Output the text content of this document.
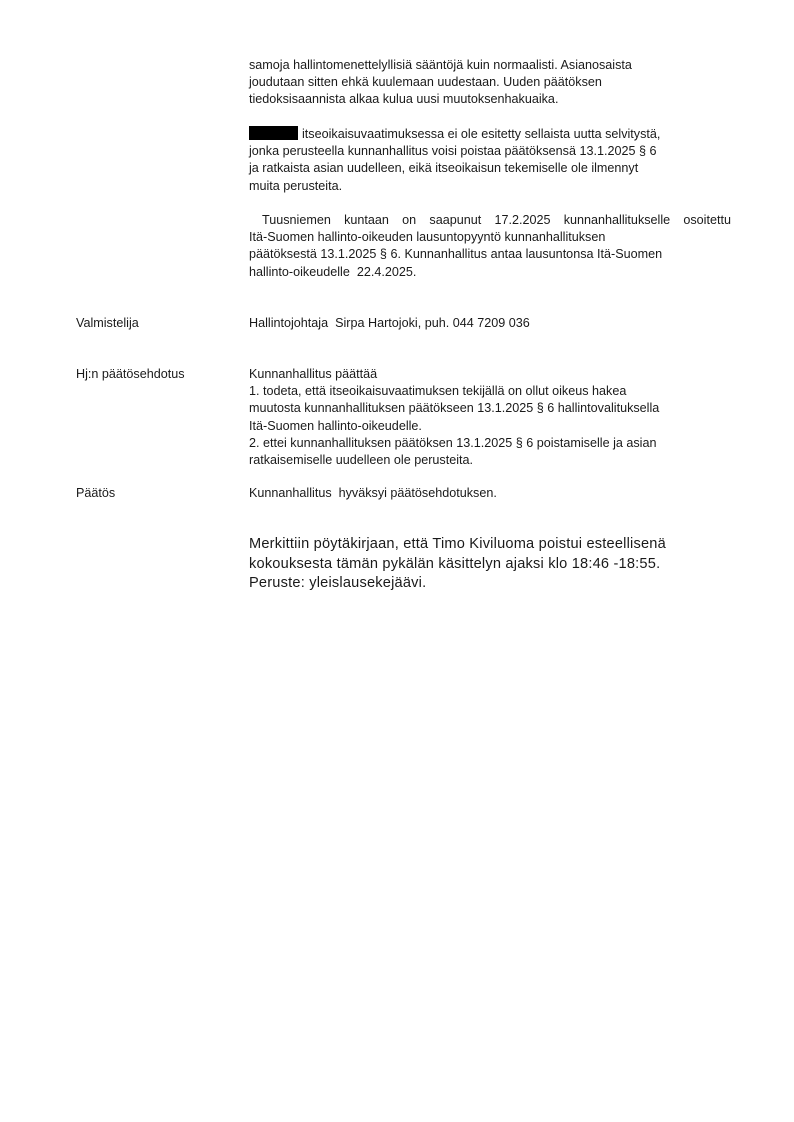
samoja hallintomenettelyllisiä sääntöjä kuin normaalisti. Asianosaista
joudutaan sitten ehkä kuulemaan uudestaan. Uuden päätöksen
tiedoksisaannista alkaa kulua uusi muutoksenhakuaika.
itseoikaisuvaatimuksessa ei ole esitetty sellaista uutta selvitystä,
jonka perusteella kunnanhallitus voisi poistaa päätöksensä 13.1.2025 § 6
ja ratkaista asian uudelleen, eikä itseoikaisun tekemiselle ole ilmennyt
muita perusteita.
Tuusniemen kuntaan on saapunut 17.2.2025 kunnanhallitukselle osoitettu
Itä-Suomen hallinto-oikeuden lausuntopyyntö kunnanhallituksen
päätöksestä 13.1.2025 § 6. Kunnanhallitus antaa lausuntonsa Itä-Suomen
hallinto-oikeudelle  22.4.2025.
Valmistelija	Hallintojohtaja  Sirpa Hartojoki, puh. 044 7209 036
Hj:n päätösehdotus	Kunnanhallitus päättää
1. todeta, että itseoikaisuvaatimuksen tekijällä on ollut oikeus hakea
muutosta kunnanhallituksen päätökseen 13.1.2025 § 6 hallintovalituksella
Itä-Suomen hallinto-oikeudelle.
2. ettei kunnanhallituksen päätöksen 13.1.2025 § 6 poistamiselle ja asian
ratkaisemiselle uudelleen ole perusteita.
Päätös	Kunnanhallitus  hyväksyi päätösehdotuksen.
Merkittiin pöytäkirjaan, että Timo Kiviluoma poistui esteellisenä
kokouksesta tämän pykälän käsittelyn ajaksi klo 18:46 -18:55.
Peruste: yleislausekejäävi.
